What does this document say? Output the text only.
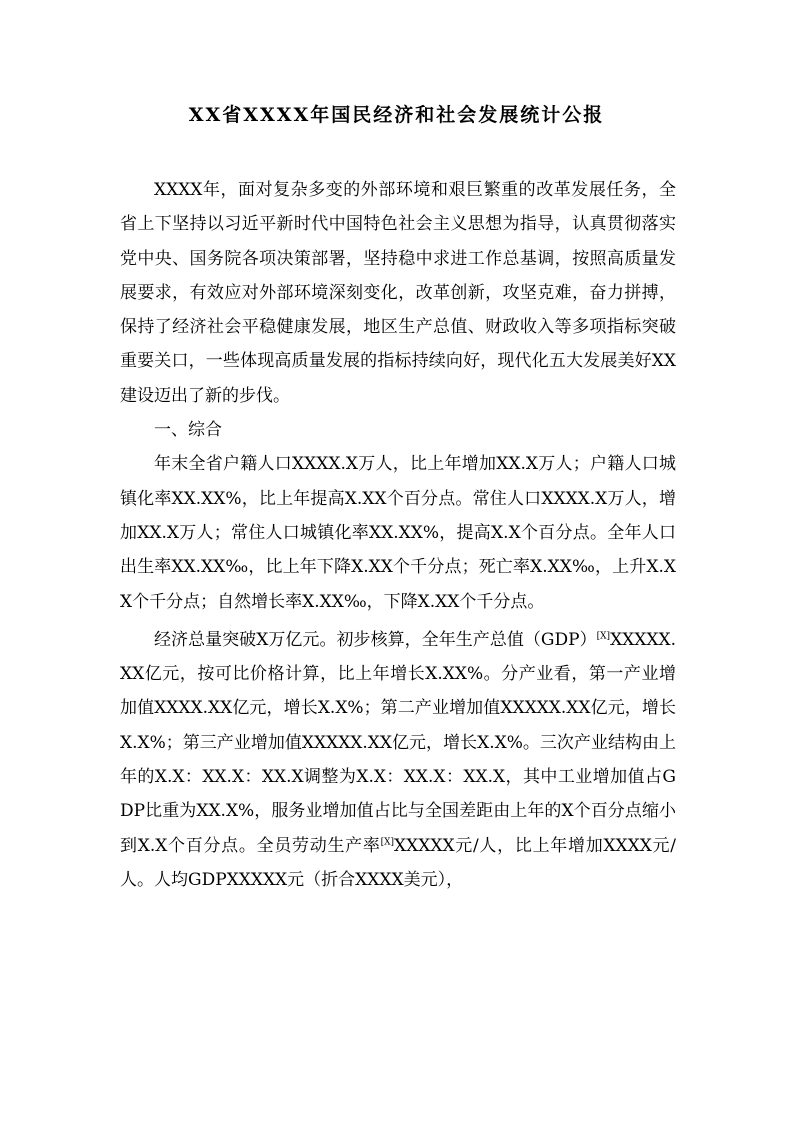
XX省XXXX年国民经济和社会发展统计公报

XXXX年，面对复杂多变的外部环境和艰巨繁重的改革发展任务，全省上下坚持以习近平新时代中国特色社会主义思想为指导，认真贯彻落实党中央、国务院各项决策部署，坚持稳中求进工作总基调，按照高质量发展要求，有效应对外部环境深刻变化，改革创新，攻坚克难，奋力拼搏，保持了经济社会平稳健康发展，地区生产总值、财政收入等多项指标突破重要关口，一些体现高质量发展的指标持续向好，现代化五大发展美好XX建设迈出了新的步伐。

一、综合

年末全省户籍人口XXXX.X万人，比上年增加XX.X万人；户籍人口城镇化率XX.XX%，比上年提高X.XX个百分点。常住人口XXXX.X万人，增加XX.X万人；常住人口城镇化率XX.XX%，提高X.X个百分点。全年人口出生率XX.XX‰，比上年下降X.XX个千分点；死亡率X.XX‰，上升X.XX个千分点；自然增长率X.XX‰，下降X.XX个千分点。

经济总量突破X万亿元。初步核算，全年生产总值（GDP）[X]XXXXX.XX亿元，按可比价格计算，比上年增长X.XX%。分产业看，第一产业增加值XXXX.XX亿元，增长X.X%；第二产业增加值XXXXX.XX亿元，增长X.X%；第三产业增加值XXXXX.XX亿元，增长X.X%。三次产业结构由上年的X.X：XX.X：XX.X调整为X.X：XX.X：XX.X，其中工业增加值占GDP比重为XX.X%，服务业增加值占比与全国差距由上年的X个百分点缩小到X.X个百分点。全员劳动生产率[X]XXXXX元/人，比上年增加XXXX元/人。人均GDPXXXXX元（折合XXXX美元），
